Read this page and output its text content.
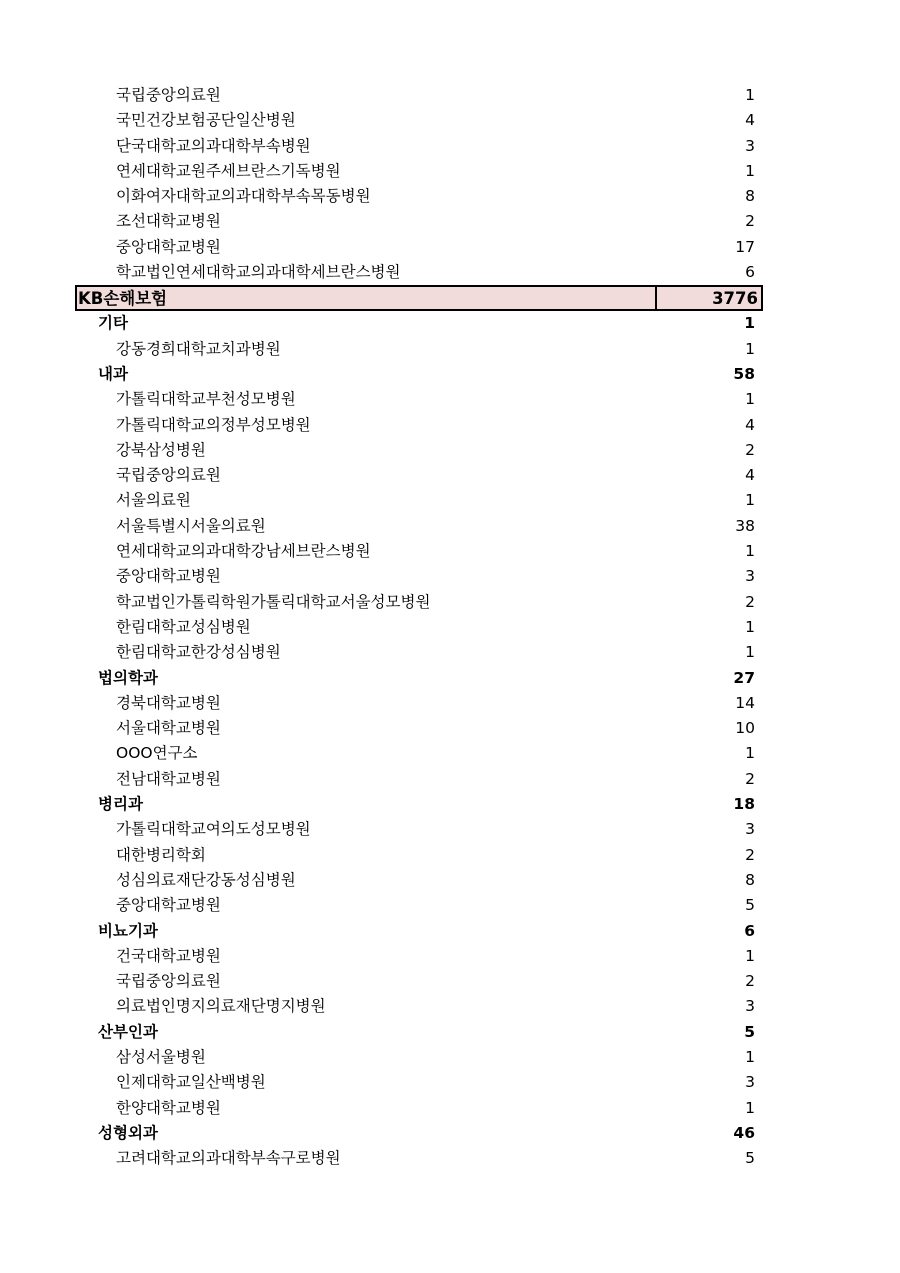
국립중앙의료원	1
국민건강보험공단일산병원	4
단국대학교의과대학부속병원	3
연세대학교원주세브란스기독병원	1
이화여자대학교의과대학부속목동병원	8
조선대학교병원	2
중앙대학교병원	17
학교법인연세대학교의과대학세브란스병원	6
KB손해보험	3776
기타	1
강동경희대학교치과병원	1
내과	58
가톨릭대학교부천성모병원	1
가톨릭대학교의정부성모병원	4
강북삼성병원	2
국립중앙의료원	4
서울의료원	1
서울특별시서울의료원	38
연세대학교의과대학강남세브란스병원	1
중앙대학교병원	3
학교법인가톨릭학원가톨릭대학교서울성모병원	2
한림대학교성심병원	1
한림대학교한강성심병원	1
법의학과	27
경북대학교병원	14
서울대학교병원	10
OOO연구소	1
전남대학교병원	2
병리과	18
가톨릭대학교여의도성모병원	3
대한병리학회	2
성심의료재단강동성심병원	8
중앙대학교병원	5
비뇨기과	6
건국대학교병원	1
국립중앙의료원	2
의료법인명지의료재단명지병원	3
산부인과	5
삼성서울병원	1
인제대학교일산백병원	3
한양대학교병원	1
성형외과	46
고려대학교의과대학부속구로병원	5
